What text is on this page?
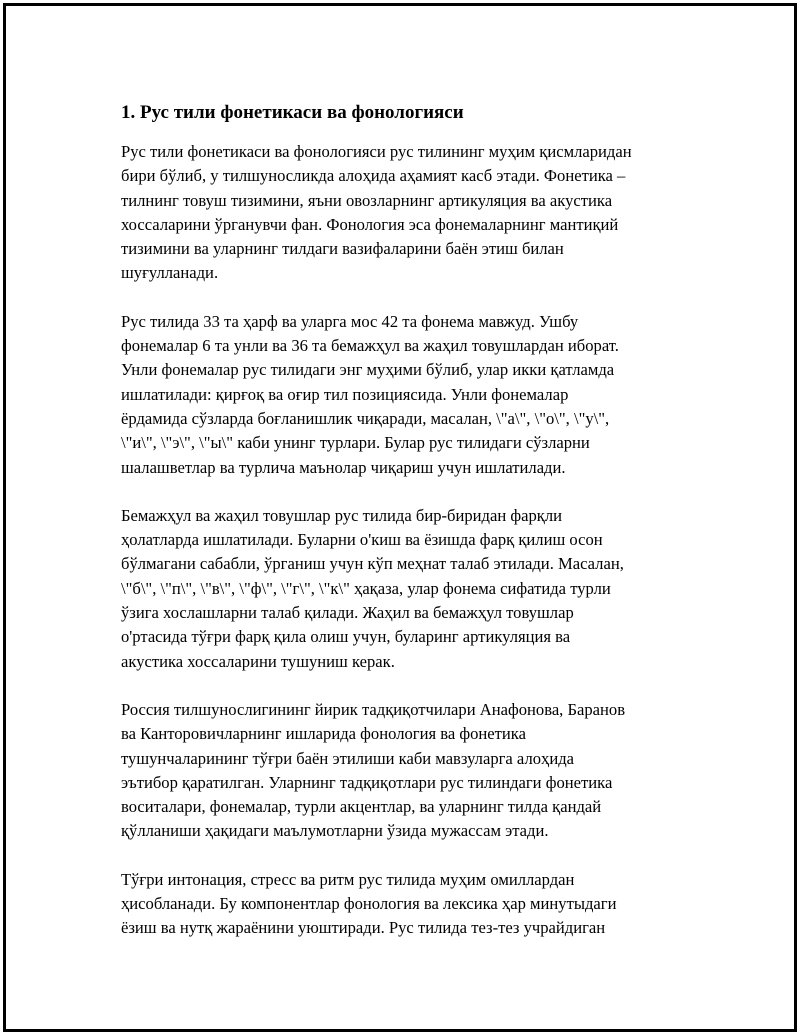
1. Рус тили фонетикаси ва фонологияси

Рус тили фонетикаси ва фонологияси рус тилининг муҳим қисмларидан
бири бўлиб, у тилшуносликда алоҳида аҳамият касб этади. Фонетика –
тилнинг товуш тизимини, яъни овозларнинг артикуляция ва акустика
хоссаларини ўрганувчи фан. Фонология эса фонемаларнинг мантиқий
тизимини ва уларнинг тилдаги вазифаларини баён этиш билан
шуғулланади.

Рус тилида 33 та ҳарф ва уларга мос 42 та фонема мавжуд. Ушбу
фонемалар 6 та унли ва 36 та бемажҳул ва жаҳил товушлардан иборат.
Унли фонемалар рус тилидаги энг муҳими бўлиб, улар икки қатламда
ишлатилади: қирғоқ ва оғир тил позициясида. Унли фонемалар
ёрдамида сўзларда боғланишлик чиқаради, масалан, \"а\", \"о\", \"у\",
\"и\", \"э\", \"ы\" каби унинг турлари. Булар рус тилидаги сўзларни
шалашветлар ва турлича маънолар чиқариш учун ишлатилади.

Бемажҳул ва жаҳил товушлар рус тилида бир-биридан фарқли
ҳолатларда ишлатилади. Буларни o'киш ва ёзишда фарқ қилиш осон
бўлмагани сабабли, ўрганиш учун кўп меҳнат талаб этилади. Масалан,
\"б\", \"п\", \"в\", \"ф\", \"г\", \"к\" ҳақаза, улар фонема сифатида турли
ўзига хослашларни талаб қилади. Жаҳил ва бемажҳул товушлар
o'ртасида тўғри фарқ қила олиш учун, буларинг артикуляция ва
акустика хоссаларини тушуниш керак.

Россия тилшунослигининг йирик тадқиқотчилари Анафонова, Баранов
ва Канторовичларнинг ишларида фонология ва фонетика
тушунчаларининг тўғри баён этилиши каби мавзуларга алоҳида
эътибор қаратилган. Уларнинг тадқиқотлари рус тилиндаги фонетика
воситалари, фонемалар, турли акцентлар, ва уларнинг тилда қандай
қўлланиши ҳақидаги маълумотларни ўзида мужассам этади.

Тўғри интонация, стресс ва ритм рус тилида муҳим омиллардан
ҳисобланади. Бу компонентлар фонология ва лексика ҳар минутыдаги
ёзиш ва нутқ жараёнини уюштиради. Рус тилида тез-тез учрайдиган
